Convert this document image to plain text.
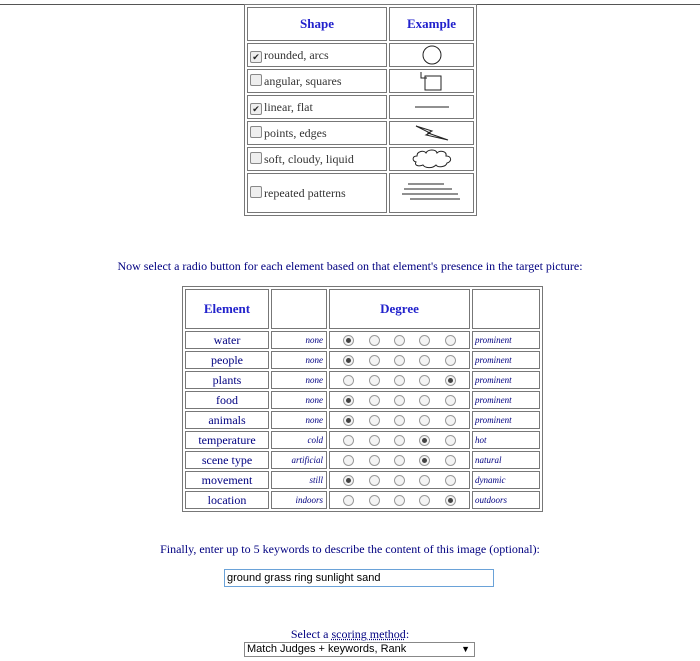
Shape	Example
✔rounded, arcs	

angular, squares	

✔linear, flat	

points, edges	

soft, cloudy, liquid	

repeated patterns	
Now select a radio button for each element based on that element's presence in the target picture:
Element		Degree	
water	none		prominent
people	none		prominent
plants	none		prominent
food	none		prominent
animals	none		prominent
temperature	cold		hot
scene type	artificial		natural
movement	still		dynamic
location	indoors		outdoors
Finally, enter up to 5 keywords to describe the content of this image (optional):
ground grass ring sunlight sand
Select a scoring method:
Match Judges + keywords, Rank	▼
